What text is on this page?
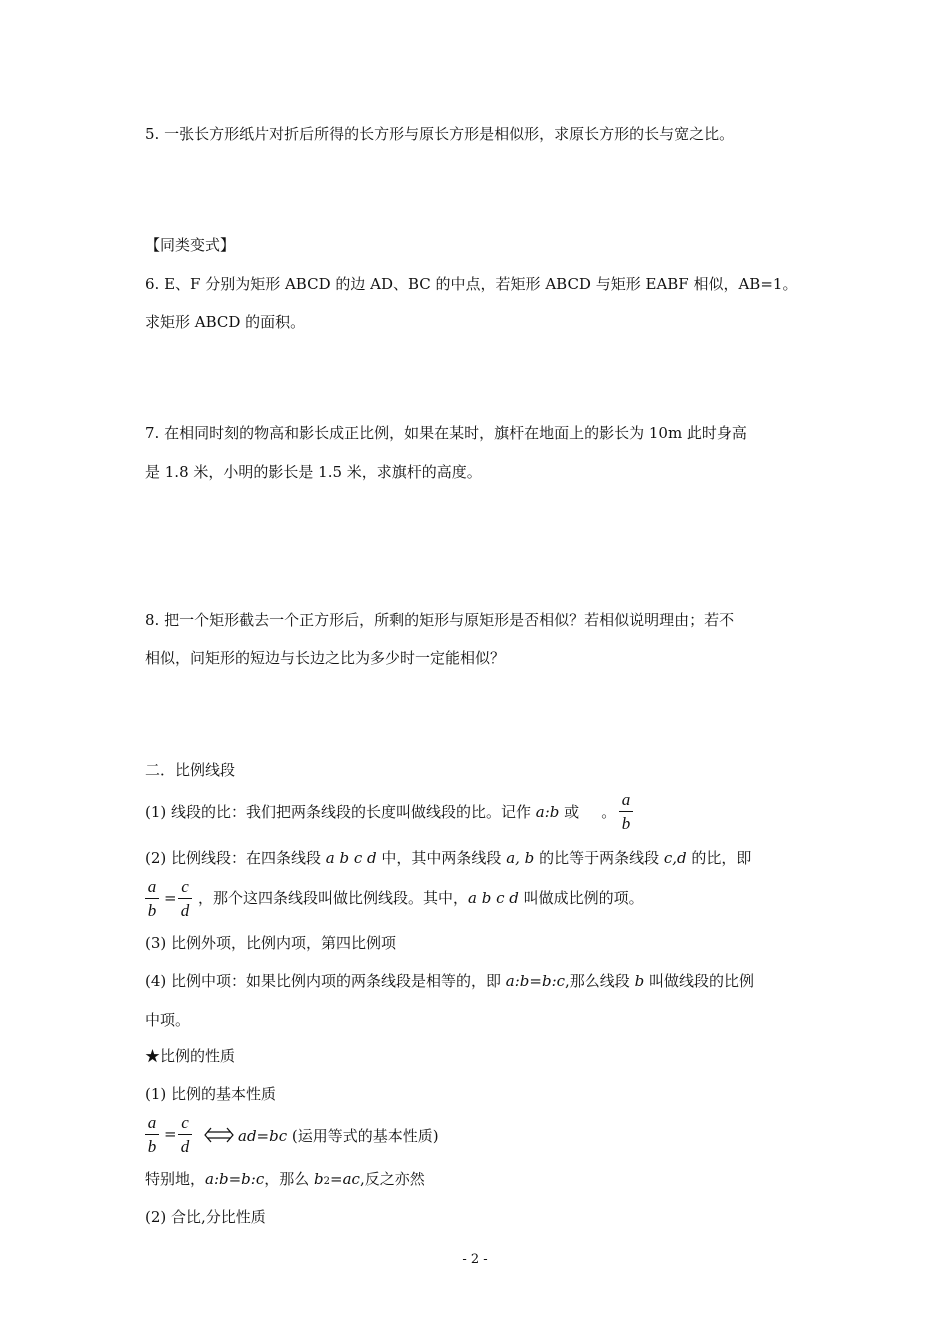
5. 一张长方形纸片对折后所得的长方形与原长方形是相似形，求原长方形的长与宽之比。
【同类变式】
6. E、F 分别为矩形 ABCD 的边 AD、BC 的中点，若矩形 ABCD 与矩形 EABF 相似，AB=1。
求矩形 ABCD 的面积。
7. 在相同时刻的物高和影长成正比例，如果在某时，旗杆在地面上的影长为 10m 此时身高
是 1.8 米，小明的影长是 1.5 米，求旗杆的高度。
8. 把一个矩形截去一个正方形后，所剩的矩形与原矩形是否相似？若相似说明理由；若不
相似，问矩形的短边与长边之比为多少时一定能相似？
二．比例线段
(1) 线段的比：我们把两条线段的长度叫做线段的比。记作 a:b 或 。
a
b
(2) 比例线段：在四条线段 a b c d 中，其中两条线段 a, b 的比等于两条线段 c,d 的比，即
a
b
=
c
d
，那个这四条线段叫做比例线段。其中，a b c d 叫做成比例的项。
(3) 比例外项，比例内项，第四比例项
(4) 比例中项：如果比例内项的两条线段是相等的，即 a:b=b:c,那么线段 b 叫做线段的比例
中项。
★比例的性质
(1) 比例的基本性质
a
b
=
c
d
ad=bc (运用等式的基本性质)
特别地，a:b=b:c，那么 b2=ac,反之亦然
(2) 合比,分比性质
- 2 -
